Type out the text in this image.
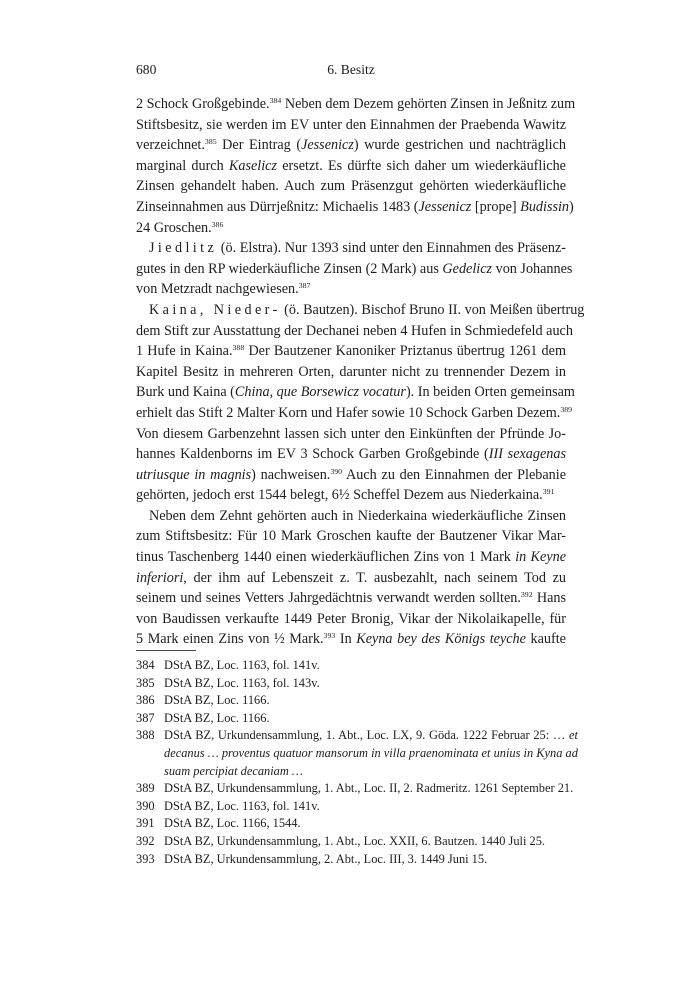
680	6. Besitz
2 Schock Großgebinde.$^{384}$ Neben dem Dezem gehörten Zinsen in Jeßnitz zum
Stiftsbesitz, sie werden im EV unter den Einnahmen der Praebenda Wawitz
verzeichnet.$^{385}$ Der Eintrag (Jessenicz) wurde gestrichen und nachträglich
marginal durch Kaselicz ersetzt. Es dürfte sich daher um wiederkäufliche
Zinsen gehandelt haben. Auch zum Präsenzgut gehörten wiederkäufliche
Zinseinnahmen aus Dürrjeßnitz: Michaelis 1483 (Jessenicz [prope] Budissin)
24 Groschen.$^{386}$
Jiedlitz (ö. Elstra). Nur 1393 sind unter den Einnahmen des Präsenz-
gutes in den RP wiederkäufliche Zinsen (2 Mark) aus Gedelicz von Johannes
von Metzradt nachgewiesen.$^{387}$
Kaina, Nieder- (ö. Bautzen). Bischof Bruno II. von Meißen übertrug
dem Stift zur Ausstattung der Dechanei neben 4 Hufen in Schmiedefeld auch
1 Hufe in Kaina.$^{388}$ Der Bautzener Kanoniker Priztanus übertrug 1261 dem
Kapitel Besitz in mehreren Orten, darunter nicht zu trennender Dezem in
Burk und Kaina (China, que Borsewicz vocatur). In beiden Orten gemeinsam
erhielt das Stift 2 Malter Korn und Hafer sowie 10 Schock Garben Dezem.$^{389}$
Von diesem Garbenzehnt lassen sich unter den Einkünften der Pfründe Jo-
hannes Kaldenborns im EV 3 Schock Garben Großgebinde (III sexagenas
utriusque in magnis) nachweisen.$^{390}$ Auch zu den Einnahmen der Plebanie
gehörten, jedoch erst 1544 belegt, 6½ Scheffel Dezem aus Niederkaina.$^{391}$
Neben dem Zehnt gehörten auch in Niederkaina wiederkäufliche Zinsen
zum Stiftsbesitz: Für 10 Mark Groschen kaufte der Bautzener Vikar Mar-
tinus Taschenberg 1440 einen wiederkäuflichen Zins von 1 Mark in Keyne
inferiori, der ihm auf Lebenszeit z. T. ausbezahlt, nach seinem Tod zu
seinem und seines Vetters Jahrgedächtnis verwandt werden sollten.$^{392}$ Hans
von Baudissen verkaufte 1449 Peter Bronig, Vikar der Nikolaikapelle, für
5 Mark einen Zins von ½ Mark.$^{393}$ In Keyna bey des Königs teyche kaufte
384 DStA BZ, Loc. 1163, fol. 141v.
385 DStA BZ, Loc. 1163, fol. 143v.
386 DStA BZ, Loc. 1166.
387 DStA BZ, Loc. 1166.
388 DStA BZ, Urkundensammlung, 1. Abt., Loc. LX, 9. Göda. 1222 Februar 25: … et
decanus … proventus quatuor mansorum in villa praenominata et unius in Kyna ad
suam percipiat decaniam …
389 DStA BZ, Urkundensammlung, 1. Abt., Loc. II, 2. Radmeritz. 1261 September 21.
390 DStA BZ, Loc. 1163, fol. 141v.
391 DStA BZ, Loc. 1166, 1544.
392 DStA BZ, Urkundensammlung, 1. Abt., Loc. XXII, 6. Bautzen. 1440 Juli 25.
393 DStA BZ, Urkundensammlung, 2. Abt., Loc. III, 3. 1449 Juni 15.
